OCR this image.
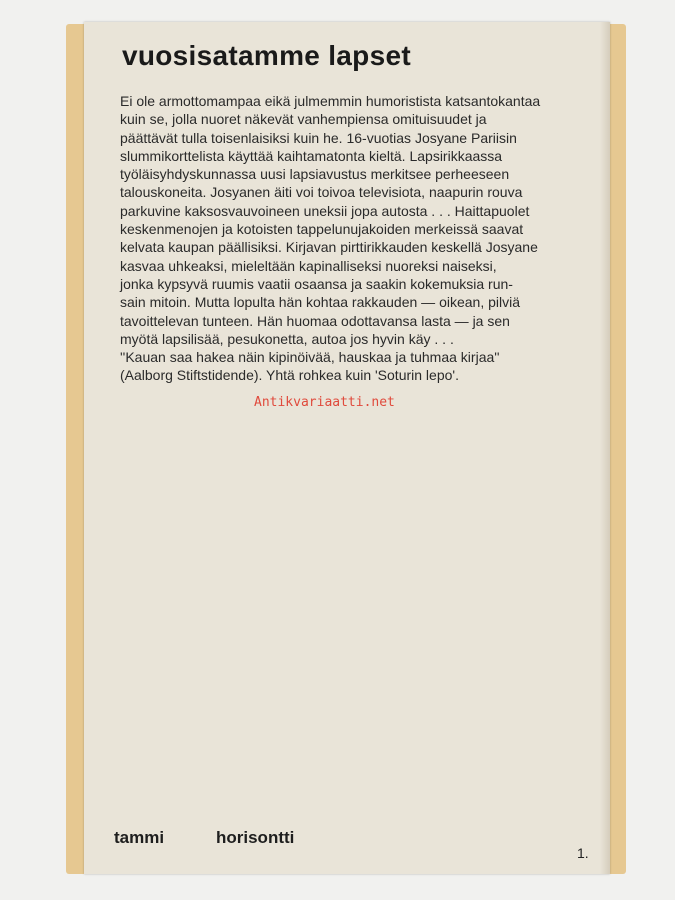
vuosisatamme lapset

Ei ole armottomampaa eikä julmemmin humoristista katsantokantaa
kuin se, jolla nuoret näkevät vanhempiensa omituisuudet ja
päättävät tulla toisenlaisiksi kuin he. 16-vuotias Josyane Pariisin
slummikorttelista käyttää kaihtamatonta kieltä. Lapsirikkaassa
työläisyhdyskunnassa uusi lapsiavustus merkitsee perheeseen
talouskoneita. Josyanen äiti voi toivoa televisiota, naapurin rouva
parkuvine kaksosvauvoineen uneksii jopa autosta . . . Haittapuolet
keskenmenojen ja kotoisten tappelunujakoiden merkeissä saavat
kelvata kaupan päällisiksi. Kirjavan pirttirikkauden keskellä Josyane
kasvaa uhkeaksi, mieleltään kapinalliseksi nuoreksi naiseksi,
jonka kypsyvä ruumis vaatii osaansa ja saakin kokemuksia run-
sain mitoin. Mutta lopulta hän kohtaa rakkauden — oikean, pilviä
tavoittelevan tunteen. Hän huomaa odottavansa lasta — ja sen
myötä lapsilisää, pesukonetta, autoa jos hyvin käy . . .
''Kauan saa hakea näin kipinöivää, hauskaa ja tuhmaa kirjaa''
(Aalborg Stiftstidende). Yhtä rohkea kuin 'Soturin lepo'.

Antikvariaatti.net
tammi	horisontti
1.
